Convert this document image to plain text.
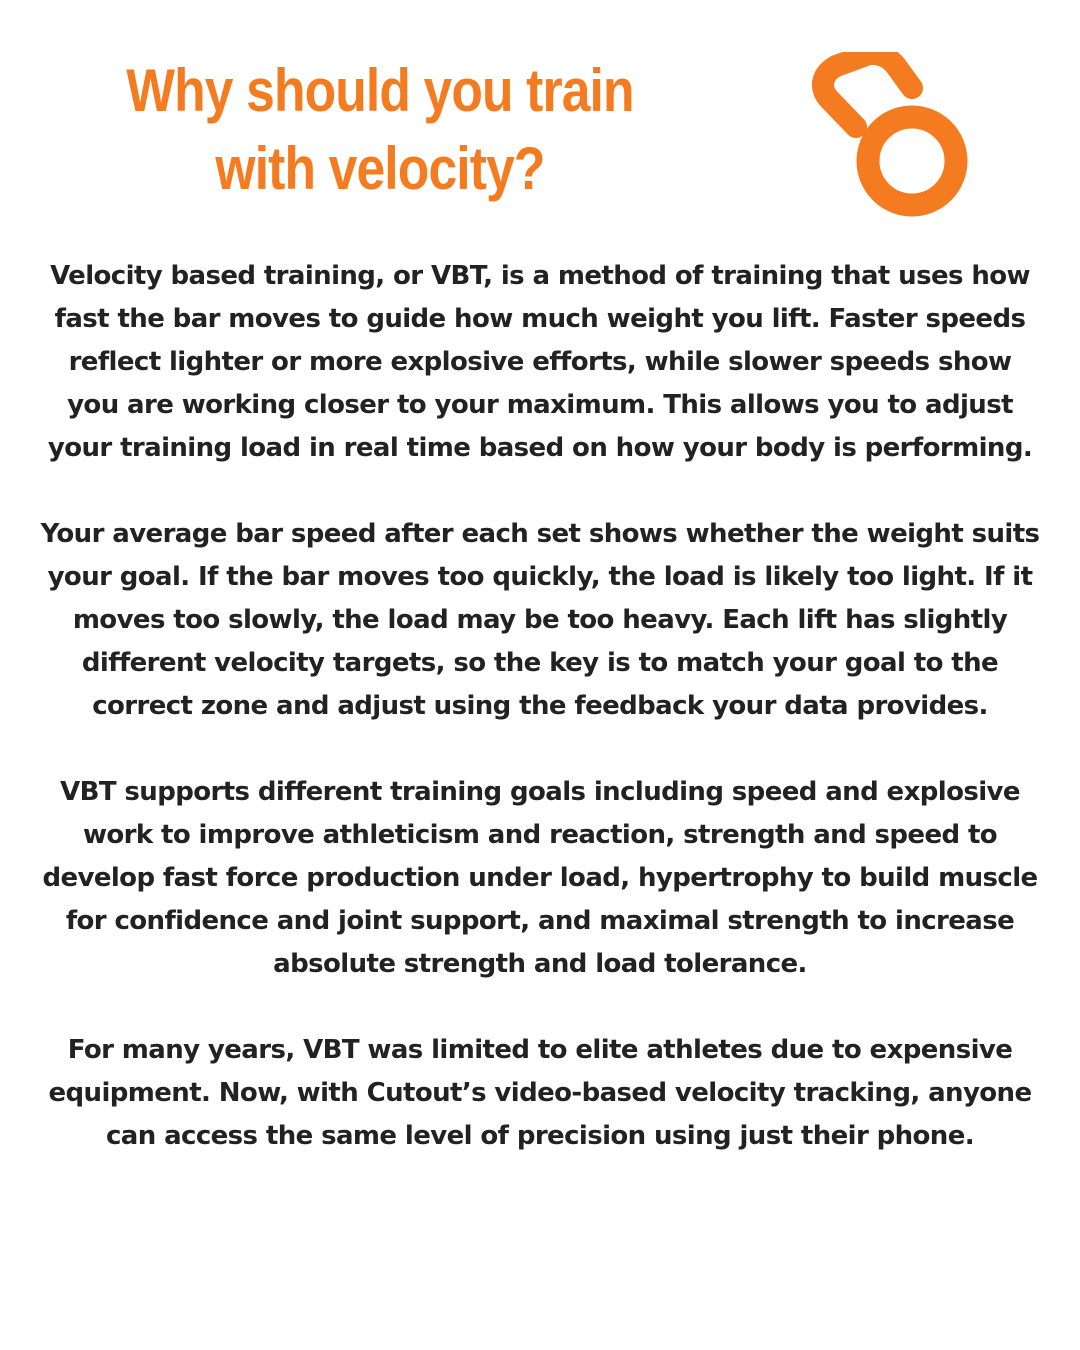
Why should you train with velocity?

Velocity based training, or VBT, is a method of training that uses how fast the bar moves to guide how much weight you lift. Faster speeds reflect lighter or more explosive efforts, while slower speeds show you are working closer to your maximum. This allows you to adjust your training load in real time based on how your body is performing.

Your average bar speed after each set shows whether the weight suits your goal. If the bar moves too quickly, the load is likely too light. If it moves too slowly, the load may be too heavy. Each lift has slightly different velocity targets, so the key is to match your goal to the correct zone and adjust using the feedback your data provides.

VBT supports different training goals including speed and explosive work to improve athleticism and reaction, strength and speed to develop fast force production under load, hypertrophy to build muscle for confidence and joint support, and maximal strength to increase absolute strength and load tolerance.

For many years, VBT was limited to elite athletes due to expensive equipment. Now, with Cutout’s video-based velocity tracking, anyone can access the same level of precision using just their phone.
